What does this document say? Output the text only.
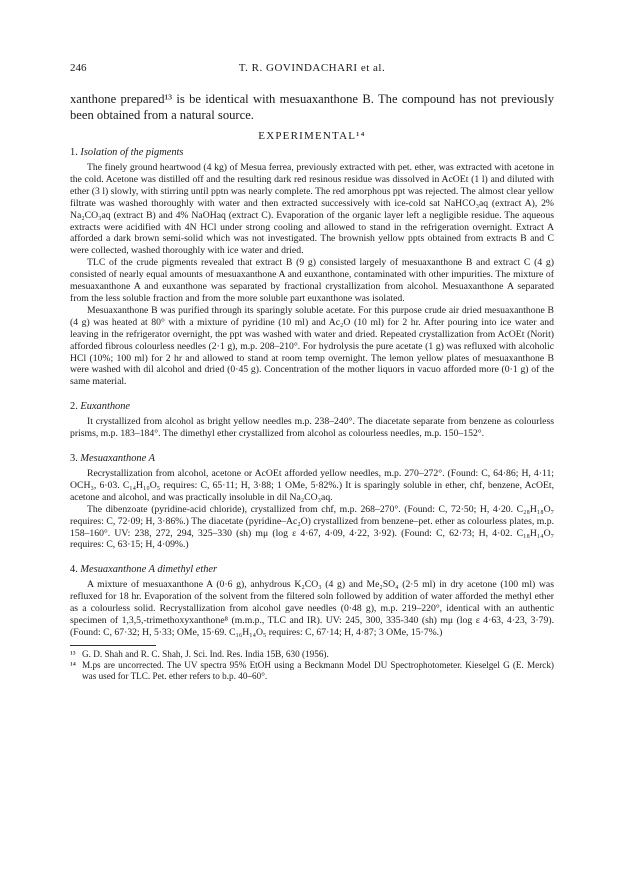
246	T. R. GOVINDACHARI et al.

xanthone prepared¹³ is be identical with mesuaxanthone B. The compound has not previously been obtained from a natural source.

EXPERIMENTAL¹⁴
1. Isolation of the pigments

The finely ground heartwood (4 kg) of Mesua ferrea, previously extracted with pet. ether, was extracted with acetone in the cold. Acetone was distilled off and the resulting dark red resinous residue was dissolved in AcOEt (1 l) and diluted with ether (3 l) slowly, with stirring until pptn was nearly complete. The red amorphous ppt was rejected. The almost clear yellow filtrate was washed thoroughly with water and then extracted successively with ice-cold sat NaHCO₃aq (extract A), 2% Na₂CO₃aq (extract B) and 4% NaOHaq (extract C). Evaporation of the organic layer left a negligible residue. The aqueous extracts were acidified with 4N HCl under strong cooling and allowed to stand in the refrigeration overnight. Extract A afforded a dark brown semi-solid which was not investigated. The brownish yellow ppts obtained from extracts B and C were collected, washed thoroughly with ice water and dried.

TLC of the crude pigments revealed that extract B (9 g) consisted largely of mesuaxanthone B and extract C (4 g) consisted of nearly equal amounts of mesuaxanthone A and euxanthone, contaminated with other impurities. The mixture of mesuaxanthone A and euxanthone was separated by fractional crystallization from alcohol. Mesuaxanthone A separated from the less soluble fraction and from the more soluble part euxanthone was isolated.

Mesuaxanthone B was purified through its sparingly soluble acetate. For this purpose crude air dried mesuaxanthone B (4 g) was heated at 80° with a mixture of pyridine (10 ml) and Ac₂O (10 ml) for 2 hr. After pouring into ice water and leaving in the refrigerator overnight, the ppt was washed with water and dried. Repeated crystallization from AcOEt (Norit) afforded fibrous colourless needles (2·1 g), m.p. 208–210°. For hydrolysis the pure acetate (1 g) was refluxed with alcoholic HCl (10%; 100 ml) for 2 hr and allowed to stand at room temp overnight. The lemon yellow plates of mesuaxanthone B were washed with dil alcohol and dried (0·45 g). Concentration of the mother liquors in vacuo afforded more (0·1 g) of the same material.

2. Euxanthone

It crystallized from alcohol as bright yellow needles m.p. 238–240°. The diacetate separate from benzene as colourless prisms, m.p. 183–184°. The dimethyl ether crystallized from alcohol as colourless needles, m.p. 150–152°.

3. Mesuaxanthone A

Recrystallization from alcohol, acetone or AcOEt afforded yellow needles, m.p. 270–272°. (Found: C, 64·86; H, 4·11; OCH₃, 6·03. C₁₄H₁₀O₅ requires: C, 65·11; H, 3·88; 1 OMe, 5·82%.) It is sparingly soluble in ether, chf, benzene, AcOEt, acetone and alcohol, and was practically insoluble in dil Na₂CO₃aq.

The dibenzoate (pyridine-acid chloride), crystallized from chf, m.p. 268–270°. (Found: C, 72·50; H, 4·20. C₂₈H₁₈O₇ requires: C, 72·09; H, 3·86%.) The diacetate (pyridine–Ac₂O) crystallized from benzene–pet. ether as colourless plates, m.p. 158–160°. UV: 238, 272, 294, 325–330 (sh) mμ (log ε 4·67, 4·09, 4·22, 3·92). (Found: C, 62·73; H, 4·02. C₁₈H₁₄O₇ requires: C, 63·15; H, 4·09%.)

4. Mesuaxanthone A dimethyl ether

A mixture of mesuaxanthone A (0·6 g), anhydrous K₂CO₃ (4 g) and Me₂SO₄ (2·5 ml) in dry acetone (100 ml) was refluxed for 18 hr. Evaporation of the solvent from the filtered soln followed by addition of water afforded the methyl ether as a colourless solid. Recrystallization from alcohol gave needles (0·48 g), m.p. 219–220°, identical with an authentic specimen of 1,3,5,-trimethoxyxanthone⁸ (m.m.p., TLC and IR). UV: 245, 300, 335-340 (sh) mμ (log ε 4·63, 4·23, 3·79). (Found: C, 67·32; H, 5·33; OMe, 15·69. C₁₆H₁₄O₅ requires: C, 67·14; H, 4·87; 3 OMe, 15·7%.)

¹³ G. D. Shah and R. C. Shah, J. Sci. Ind. Res. India 15B, 630 (1956).

¹⁴ M.ps are uncorrected. The UV spectra 95% EtOH using a Beckmann Model DU Spectrophotometer. Kieselgel G (E. Merck) was used for TLC. Pet. ether refers to b.p. 40–60°.
